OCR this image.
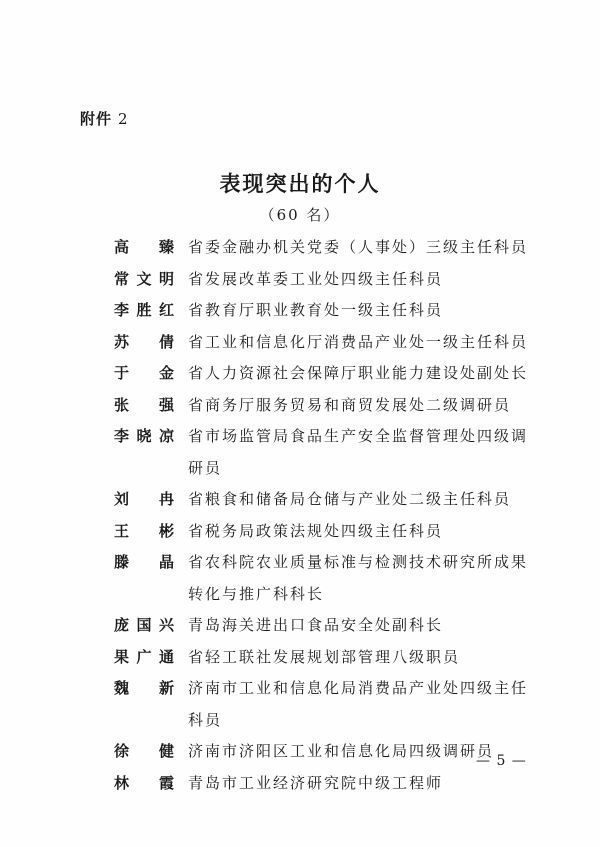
附件 2
表现突出的个人
（60 名）
高 臻 省委金融办机关党委（人事处）三级主任科员
常 文 明 省发展改革委工业处四级主任科员
李 胜 红 省教育厅职业教育处一级主任科员
苏 倩 省工业和信息化厅消费品产业处一级主任科员
于 金 省人力资源社会保障厅职业能力建设处副处长
张 强 省商务厅服务贸易和商贸发展处二级调研员
李 晓 凉 省市场监管局食品生产安全监督管理处四级调研员
刘 冉 省粮食和储备局仓储与产业处二级主任科员
王 彬 省税务局政策法规处四级主任科员
滕 晶 省农科院农业质量标准与检测技术研究所成果转化与推广科科长
庞 国 兴 青岛海关进出口食品安全处副科长
果 广 通 省轻工联社发展规划部管理八级职员
魏 新 济南市工业和信息化局消费品产业处四级主任科员
徐 健 济南市济阳区工业和信息化局四级调研员
林 霞 青岛市工业经济研究院中级工程师
— 5 —
